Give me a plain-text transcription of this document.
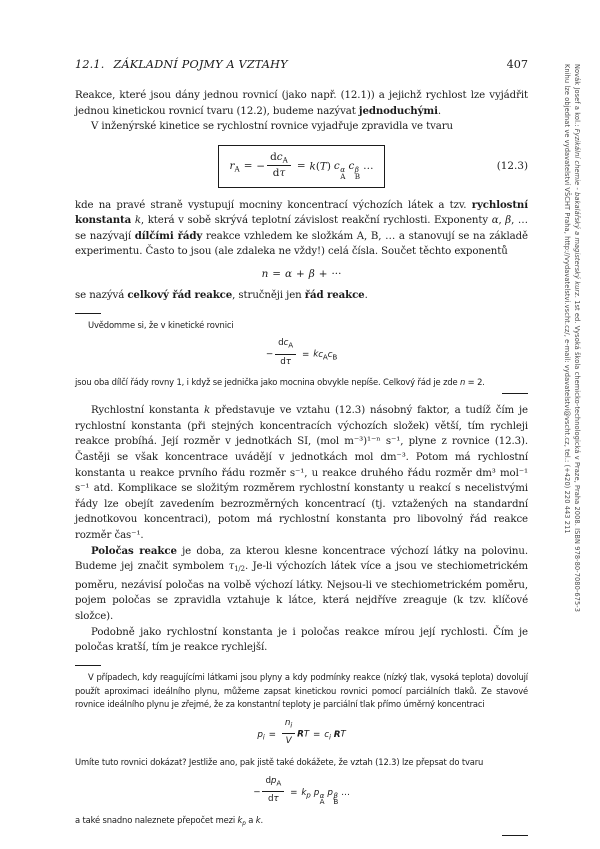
12.1. ZÁKLADNÍ POJMY A VZTAHY	407

Reakce, které jsou dány jednou rovnicí (jako např. (12.1)) a jejichž rychlost lze vyjádřit jednou kinetickou rovnicí tvaru (12.2), budeme nazývat jednoduchými.

V inženýrské kinetice se rychlostní rovnice vyjadřuje zpravidla ve tvaru

$r_A$ = − $\frac{dc_A}{d\tau} = k(T)$ c α
A
c β
B
…	(12.3)

kde na pravé straně vystupují mocniny koncentrací výchozích látek a tzv. rychlostní konstanta k, která v sobě skrývá teplotní závislost reakční rychlosti. Exponenty α, β, … se nazývají dílčími řády reakce vzhledem ke složkám A, B, … a stanovují se na základě experimentu. Často to jsou (ale zdaleka ne vždy!) celá čísla. Součet těchto exponentů

n = α + β + ···

se nazývá celkový řád reakce, stručněji jen řád reakce.

Uvědomme si, že v kinetické rovnici

− $\frac{dc_A}{d\tau} = kc_Ac_B$

jsou oba dílčí řády rovny 1, i když se jednička jako mocnina obvykle nepíše. Celkový řád je zde n = 2.

Rychlostní konstanta k představuje ve vztahu (12.3) násobný faktor, a tudíž čím je rychlostní konstanta (při stejných koncentracích výchozích složek) větší, tím rychleji reakce probíhá. Její rozměr v jednotkách SI, (mol m⁻³)¹⁻ⁿ s⁻¹, plyne z rovnice (12.3). Častěji se však koncentrace uvádějí v jednotkách mol dm⁻³. Potom má rychlostní konstanta u reakce prvního řádu rozměr s⁻¹, u reakce druhého řádu rozměr dm³ mol⁻¹ s⁻¹ atd. Komplikace se složitým rozměrem rychlostní konstanty u reakcí s necelistvými řády lze obejít zavedením bezrozměrných koncentrací (tj. vztažených na standardní jednotkovou koncentraci), potom má rychlostní konstanta pro libovolný řád reakce rozměr čas⁻¹.

Poločas reakce je doba, za kterou klesne koncentrace výchozí látky na polovinu. Budeme jej značit symbolem τ1/2. Je-li výchozích látek více a jsou ve stechiometrickém poměru, nezávisí poločas na volbě výchozí látky. Nejsou-li ve stechiometrickém poměru, pojem poločas se zpravidla vztahuje k látce, která nejdříve zreaguje (k tzv. klíčové složce).

Podobně jako rychlostní konstanta je i poločas reakce mírou její rychlosti. Čím je poločas kratší, tím je reakce rychlejší.

V případech, kdy reagujícími látkami jsou plyny a kdy podmínky reakce (nízký tlak, vysoká teplota) dovolují použít aproximaci ideálního plynu, můžeme zapsat kinetickou rovnici pomocí parciálních tlaků. Ze stavové rovnice ideálního plynu je zřejmé, že za konstantní teploty je parciální tlak přímo úměrný koncentraci

$p_i = \frac{n_i}{V}$ RT = $c_i$ RT

Umíte tuto rovnici dokázat? Jestliže ano, pak jistě také dokážete, že vztah (12.3) lze přepsat do tvaru

− $\frac{dp_A}{d\tau} = k_p$ p α
A
p β
B
…

a také snadno naleznete přepočet mezi $k_p$ a k.

Novák Josef a kol.: Fyzikální chemie - bakalářský a magisterský kurz. 1st ed. Vysoká škola chemicko-technologická v Praze, Praha 2008. ISBN 978-80-7080-675-3
Knihu lze objednat ve vydavatelství VŠCHT Praha, http://vydavatelstvi.vscht.cz/, e-mail: vydavatelstvi@vscht.cz, tel.: (+420) 220 443 211
